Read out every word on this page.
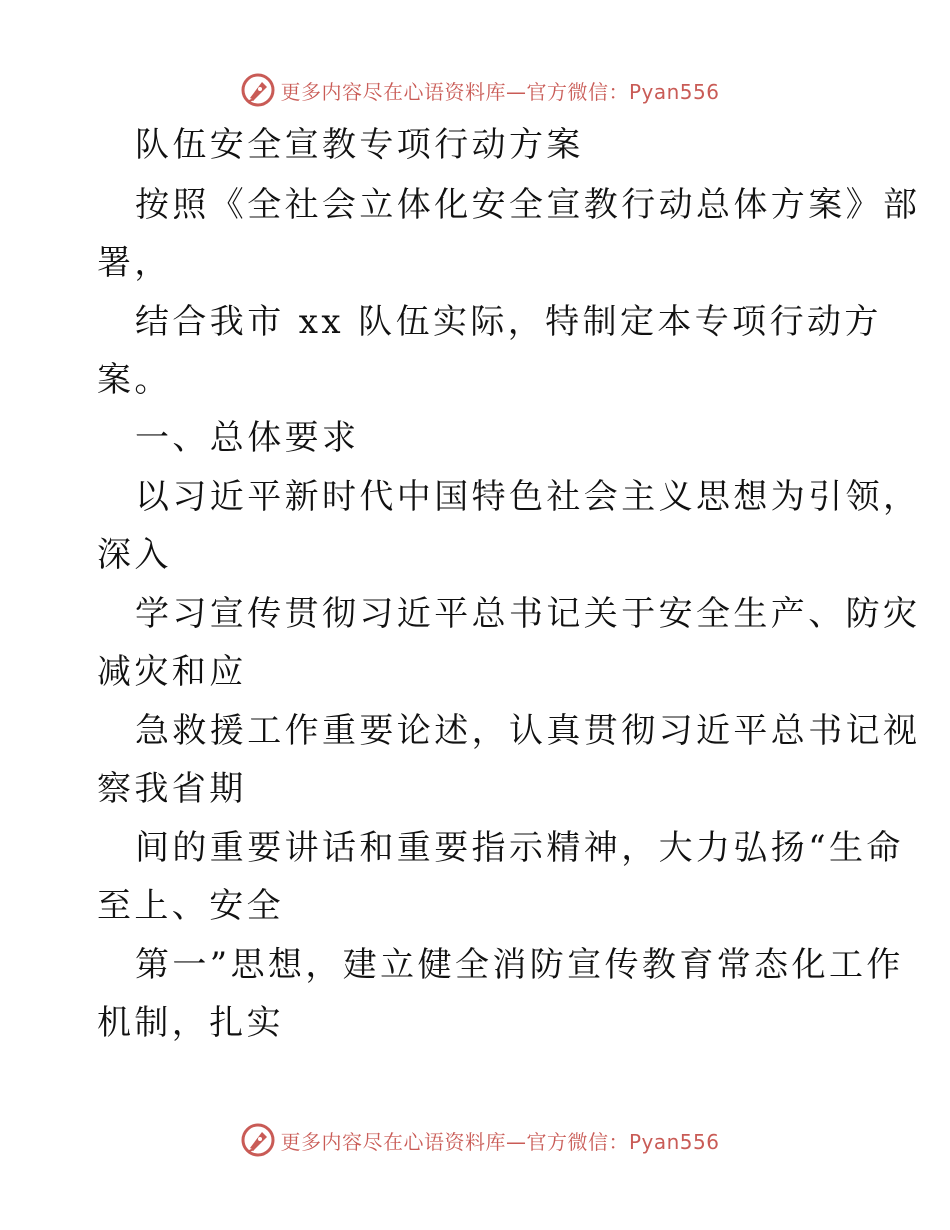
更多内容尽在心语资料库—官方微信：Pyan556
队伍安全宣教专项行动方案
按照《全社会立体化安全宣教行动总体方案》部
署，
结合我市 xx 队伍实际，特制定本专项行动方
案。
一、总体要求
以习近平新时代中国特色社会主义思想为引领，
深入
学习宣传贯彻习近平总书记关于安全生产、防灾
减灾和应
急救援工作重要论述，认真贯彻习近平总书记视
察我省期
间的重要讲话和重要指示精神，大力弘扬“生命
至上、安全
第一”思想，建立健全消防宣传教育常态化工作
机制，扎实
更多内容尽在心语资料库—官方微信：Pyan556
